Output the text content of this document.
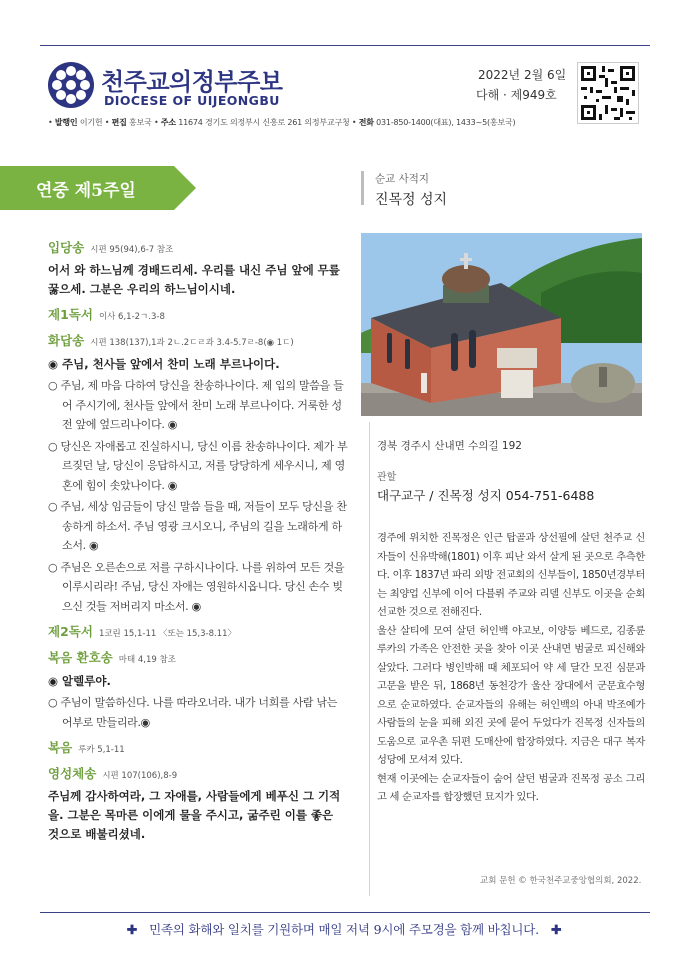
천주교의정부주보
DIOCESE OF UIJEONGBU
2022년 2월 6일
다해 · 제949호
• 발행인 이기헌 • 편집 홍보국 • 주소 11674 경기도 의정부시 신흥로 261 의정부교구청 • 전화 031-850-1400(대표), 1433~5(홍보국)
연중 제5주일
입당송 시편 95(94),6-7 참조
어서 와 하느님께 경배드리세. 우리를 내신 주님 앞에 무릎 꿇으세. 그분은 우리의 하느님이시네.
제1독서 이사 6,1-2ㄱ.3-8
화답송 시편 138(137),1과 2ㄴ.2ㄷㄹ과 3.4-5.7ㄹ-8(◉ 1ㄷ)
◉ 주님, 천사들 앞에서 찬미 노래 부르나이다.
○ 주님, 제 마음 다하여 당신을 찬송하나이다. 제 입의 말씀을 들어 주시기에, 천사들 앞에서 찬미 노래 부르나이다. 거룩한 성전 앞에 엎드리나이다. ◉
○ 당신은 자애롭고 진실하시니, 당신 이름 찬송하나이다. 제가 부르짖던 날, 당신이 응답하시고, 저를 당당하게 세우시니, 제 영혼에 힘이 솟았나이다. ◉
○ 주님, 세상 임금들이 당신 말씀 들을 때, 저들이 모두 당신을 찬송하게 하소서. 주님 영광 크시오니, 주님의 길을 노래하게 하소서. ◉
○ 주님은 오른손으로 저를 구하시나이다. 나를 위하여 모든 것을 이루시리라! 주님, 당신 자애는 영원하시옵니다. 당신 손수 빚으신 것들 저버리지 마소서. ◉
제2독서 1코린 15,1-11 〈또는 15,3-8.11〉
복음 환호송 마태 4,19 참조
◉ 알렐루야.
○ 주님이 말씀하신다. 나를 따라오너라. 내가 너희를 사람 낚는 어부로 만들리라.◉
복음 루카 5,1-11
영성체송 시편 107(106),8-9
주님께 감사하여라, 그 자애를, 사람들에게 베푸신 그 기적을. 그분은 목마른 이에게 물을 주시고, 굶주린 이를 좋은 것으로 배불리셨네.
순교 사적지
진목정 성지
경북 경주시 산내면 수의길 192
관할
대구교구 / 진목정 성지 054-751-6488

경주에 위치한 진목정은 인근 탑골과 상선필에 살던 천주교 신자들이 신유박해(1801) 이후 피난 와서 살게 된 곳으로 추측한다. 이후 1837년 파리 외방 전교회의 신부들이, 1850년경부터는 최양업 신부에 이어 다블뤼 주교와 리델 신부도 이곳을 순회 선교한 것으로 전해진다.

울산 살티에 모여 살던 허인백 야고보, 이양등 베드로, 김종륜 루카의 가족은 안전한 곳을 찾아 이곳 산내면 범굴로 피신해와 살았다. 그러다 병인박해 때 체포되어 약 세 달간 모진 심문과 고문을 받은 뒤, 1868년 동천강가 울산 장대에서 군문효수형으로 순교하였다. 순교자들의 유해는 허인백의 아내 박조예가 사람들의 눈을 피해 외진 곳에 묻어 두었다가 진목정 신자들의 도움으로 교우촌 뒤편 도매산에 합장하였다. 지금은 대구 복자 성당에 모셔져 있다.

현재 이곳에는 순교자들이 숨어 살던 범굴과 진목정 공소 그리고 세 순교자를 합장했던 묘지가 있다.

교회 문헌 © 한국천주교중앙협의회, 2022.
✚ 민족의 화해와 일치를 기원하며 매일 저녁 9시에 주모경을 함께 바칩니다. ✚
